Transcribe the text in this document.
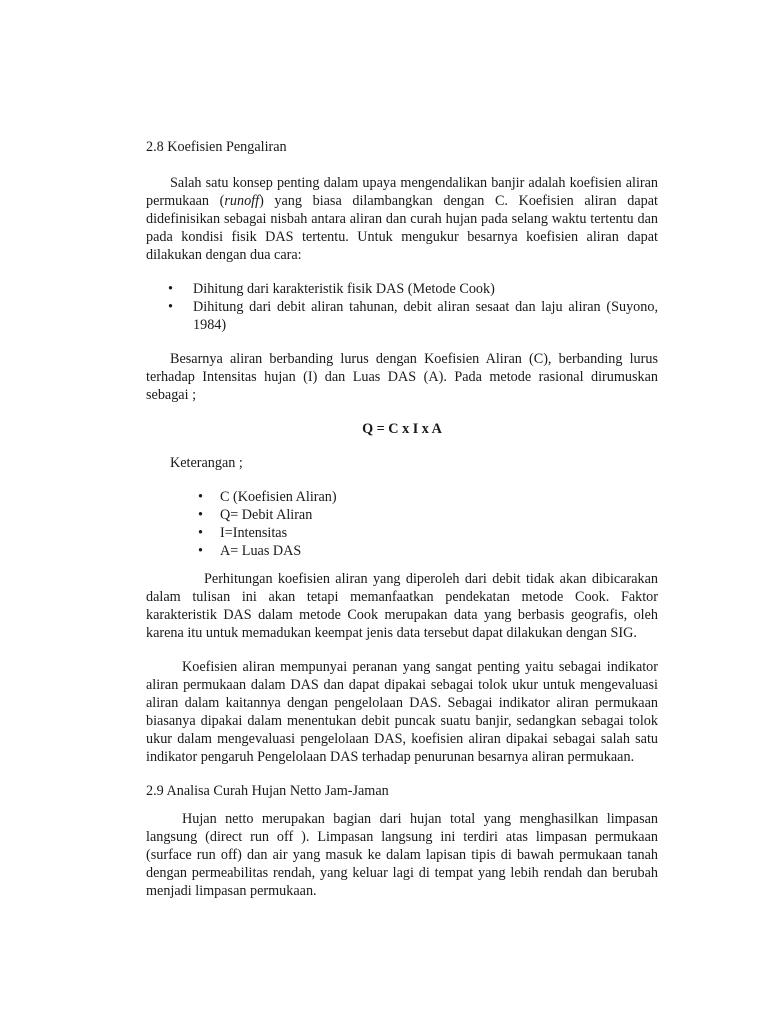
2.8 Koefisien Pengaliran

Salah satu konsep penting dalam upaya mengendalikan banjir adalah koefisien aliran permukaan (runoff) yang biasa dilambangkan dengan C. Koefisien aliran dapat didefinisikan sebagai nisbah antara aliran dan curah hujan pada selang waktu tertentu dan pada kondisi fisik DAS tertentu. Untuk mengukur besarnya koefisien aliran dapat dilakukan dengan dua cara:

• Dihitung dari karakteristik fisik DAS (Metode Cook)
• Dihitung dari debit aliran tahunan, debit aliran sesaat dan laju aliran (Suyono, 1984)

Besarnya aliran berbanding lurus dengan Koefisien Aliran (C), berbanding lurus terhadap Intensitas hujan (I) dan Luas DAS (A). Pada metode rasional dirumuskan sebagai ;

Q = C x I x A

Keterangan ;

• C (Koefisien Aliran)
• Q= Debit Aliran
• I=Intensitas
• A= Luas DAS

Perhitungan koefisien aliran yang diperoleh dari debit tidak akan dibicarakan dalam tulisan ini akan tetapi memanfaatkan pendekatan metode Cook. Faktor karakteristik DAS dalam metode Cook merupakan data yang berbasis geografis, oleh karena itu untuk memadukan keempat jenis data tersebut dapat dilakukan dengan SIG.

Koefisien aliran mempunyai peranan yang sangat penting yaitu sebagai indikator aliran permukaan dalam DAS dan dapat dipakai sebagai tolok ukur untuk mengevaluasi aliran dalam kaitannya dengan pengelolaan DAS. Sebagai indikator aliran permukaan biasanya dipakai dalam menentukan debit puncak suatu banjir, sedangkan sebagai tolok ukur dalam mengevaluasi pengelolaan DAS, koefisien aliran dipakai sebagai salah satu indikator pengaruh Pengelolaan DAS terhadap penurunan besarnya aliran permukaan.

2.9 Analisa Curah Hujan Netto Jam-Jaman

Hujan netto merupakan bagian dari hujan total yang menghasilkan limpasan langsung (direct run off ). Limpasan langsung ini terdiri atas limpasan permukaan (surface run off) dan air yang masuk ke dalam lapisan tipis di bawah permukaan tanah dengan permeabilitas rendah, yang keluar lagi di tempat yang lebih rendah dan berubah menjadi limpasan permukaan.
